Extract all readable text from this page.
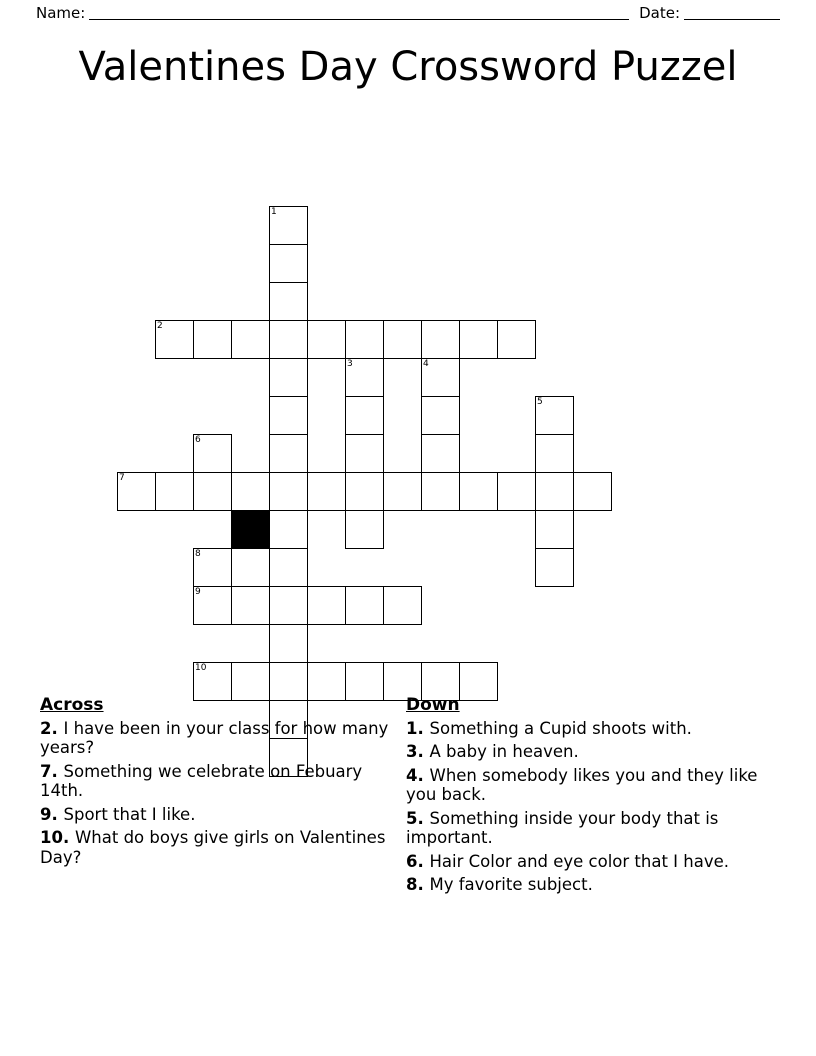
Name:	Date:
Valentines Day Crossword Puzzel
1
2
3	4
5
6
7
8
9
10
Across
2. I have been in your class for how many years?
7. Something we celebrate on Febuary 14th.
9. Sport that I like.
10. What do boys give girls on Valentines Day?
Down
1. Something a Cupid shoots with.
3. A baby in heaven.
4. When somebody likes you and they like you back.
5. Something inside your body that is important.
6. Hair Color and eye color that I have.
8. My favorite subject.
